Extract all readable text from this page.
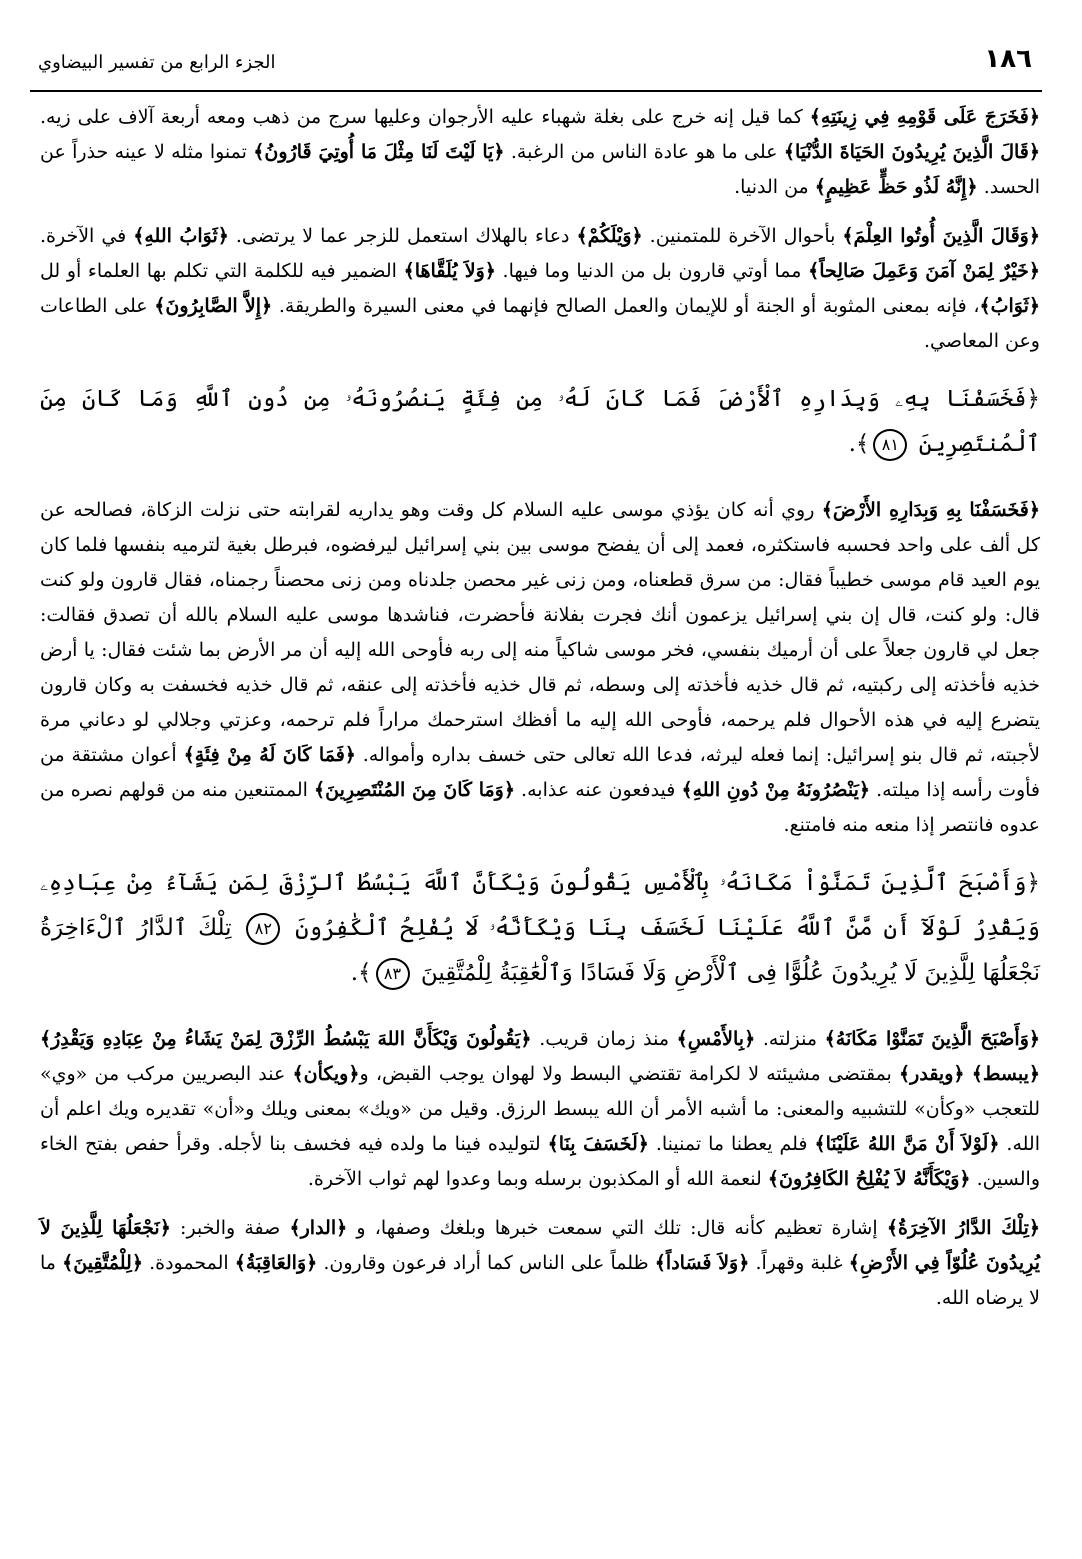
١٨٦
الجزء الرابع من تفسير البيضاوي
﴿فَخَرَجَ عَلَى قَوْمِهِ فِي زِينَتِهِ﴾ كما قيل إنه خرج على بغلة شهباء عليه الأرجوان وعليها سرج من ذهب ومعه أربعة آلاف على زيه. ﴿قَالَ الَّذِينَ يُرِيدُونَ الحَيَاةَ الدُّنْيَا﴾ على ما هو عادة الناس من الرغبة. ﴿يَا لَيْتَ لَنَا مِثْلَ مَا أُوتِيَ قَارُونُ﴾ تمنوا مثله لا عينه حذراً عن الحسد. ﴿إِنَّهُ لَذُو حَظٍّ عَظِيمٍ﴾ من الدنيا.
﴿وَقَالَ الَّذِينَ أُوتُوا العِلْمَ﴾ بأحوال الآخرة للمتمنين. ﴿وَيْلَكُمْ﴾ دعاء بالهلاك استعمل للزجر عما لا يرتضى. ﴿ثَوَابُ اللهِ﴾ في الآخرة. ﴿خَيْرٌ لِمَنْ آمَنَ وَعَمِلَ صَالِحاً﴾ مما أوتي قارون بل من الدنيا وما فيها. ﴿وَلاَ يُلَقَّاهَا﴾ الضمير فيه للكلمة التي تكلم بها العلماء أو لل ﴿ثَوَابُ﴾، فإنه بمعنى المثوبة أو الجنة أو للإيمان والعمل الصالح فإنهما في معنى السيرة والطريقة. ﴿إِلاَّ الصَّابِرُونَ﴾ على الطاعات وعن المعاصي.
﴿فَخَسَفْنَا بِهِۦ وَبِدَارِهِ ٱلْأَرْضَ فَمَا كَانَ لَهُۥ مِن فِئَةٍ يَنصُرُونَهُۥ مِن دُونِ ٱللَّهِ وَمَا كَانَ مِنَ ٱلْمُنتَصِرِينَ ٨١﴾.
﴿فَخَسَفْنَا بِهِ وَبِدَارِهِ الأَرْضَ﴾ روي أنه كان يؤذي موسى عليه السلام كل وقت وهو يداريه لقرابته حتى نزلت الزكاة، فصالحه عن كل ألف على واحد فحسبه فاستكثره، فعمد إلى أن يفضح موسى بين بني إسرائيل ليرفضوه، فبرطل بغية لترميه بنفسها فلما كان يوم العيد قام موسى خطيباً فقال: من سرق قطعناه، ومن زنى غير محصن جلدناه ومن زنى محصناً رجمناه، فقال قارون ولو كنت قال: ولو كنت، قال إن بني إسرائيل يزعمون أنك فجرت بفلانة فأحضرت، فناشدها موسى عليه السلام بالله أن تصدق فقالت: جعل لي قارون جعلاً على أن أرميك بنفسي، فخر موسى شاكياً منه إلى ربه فأوحى الله إليه أن مر الأرض بما شئت فقال: يا أرض خذيه فأخذته إلى ركبتيه، ثم قال خذيه فأخذته إلى وسطه، ثم قال خذيه فأخذته إلى عنقه، ثم قال خذيه فخسفت به وكان قارون يتضرع إليه في هذه الأحوال فلم يرحمه، فأوحى الله إليه ما أفظك استرحمك مراراً فلم ترحمه، وعزتي وجلالي لو دعاني مرة لأجبته، ثم قال بنو إسرائيل: إنما فعله ليرثه، فدعا الله تعالى حتى خسف بداره وأمواله. ﴿فَمَا كَانَ لَهُ مِنْ فِئَةٍ﴾ أعوان مشتقة من فأوت رأسه إذا ميلته. ﴿يَنْصُرُونَهُ مِنْ دُونِ اللهِ﴾ فيدفعون عنه عذابه. ﴿وَمَا كَانَ مِنَ المُنْتَصِرِينَ﴾ الممتنعين منه من قولهم نصره من عدوه فانتصر إذا منعه منه فامتنع.
﴿وَأَصْبَحَ ٱلَّذِينَ تَمَنَّوْاْ مَكَانَهُۥ بِٱلْأَمْسِ يَقُولُونَ وَيْكَأَنَّ ٱللَّهَ يَبْسُطُ ٱلرِّزْقَ لِمَن يَشَآءُ مِنْ عِبَادِهِۦ وَيَقْدِرُ لَوْلَآ أَن مَّنَّ ٱللَّهُ عَلَيْنَا لَخَسَفَ بِنَا وَيْكَأَنَّهُۥ لَا يُفْلِحُ ٱلْكَٰفِرُونَ ٨٢ تِلْكَ ٱلدَّارُ ٱلْءَاخِرَةُ نَجْعَلُهَا لِلَّذِينَ لَا يُرِيدُونَ عُلُوًّا فِى ٱلْأَرْضِ وَلَا فَسَادًا وَٱلْعَٰقِبَةُ لِلْمُتَّقِينَ ٨٣﴾.
﴿وَأَصْبَحَ الَّذِينَ تَمَنَّوْا مَكَانَهُ﴾ منزلته. ﴿بِالأَمْسِ﴾ منذ زمان قريب. ﴿يَقُولُونَ وَيْكَأَنَّ اللهَ يَبْسُطُ الرِّزْقَ لِمَنْ يَشَاءُ مِنْ عِبَادِهِ وَيَقْدِرُ﴾ ﴿يبسط﴾ ﴿ويقدر﴾ بمقتضى مشيئته لا لكرامة تقتضي البسط ولا لهوان يوجب القبض، و﴿ويكأن﴾ عند البصريين مركب من «وي» للتعجب «وكأن» للتشبيه والمعنى: ما أشبه الأمر أن الله يبسط الرزق. وقيل من «ويك» بمعنى ويلك و«أن» تقديره ويك اعلم أن الله. ﴿لَوْلاَ أَنْ مَنَّ اللهُ عَلَيْنَا﴾ فلم يعطنا ما تمنينا. ﴿لَخَسَفَ بِنَا﴾ لتوليده فينا ما ولده فيه فخسف بنا لأجله. وقرأ حفص بفتح الخاء والسين. ﴿وَيْكَأَنَّهُ لاَ يُفْلِحُ الكَافِرُونَ﴾ لنعمة الله أو المكذبون برسله وبما وعدوا لهم ثواب الآخرة.
﴿تِلْكَ الدَّارُ الآخِرَةُ﴾ إشارة تعظيم كأنه قال: تلك التي سمعت خبرها وبلغك وصفها، و ﴿الدار﴾ صفة والخبر: ﴿نَجْعَلُهَا لِلَّذِينَ لاَ يُرِيدُونَ عُلُوّاً فِي الأَرْضِ﴾ غلبة وقهراً. ﴿وَلاَ فَسَاداً﴾ ظلماً على الناس كما أراد فرعون وقارون. ﴿وَالعَاقِبَةُ﴾ المحمودة. ﴿لِلْمُتَّقِينَ﴾ ما لا يرضاه الله.
